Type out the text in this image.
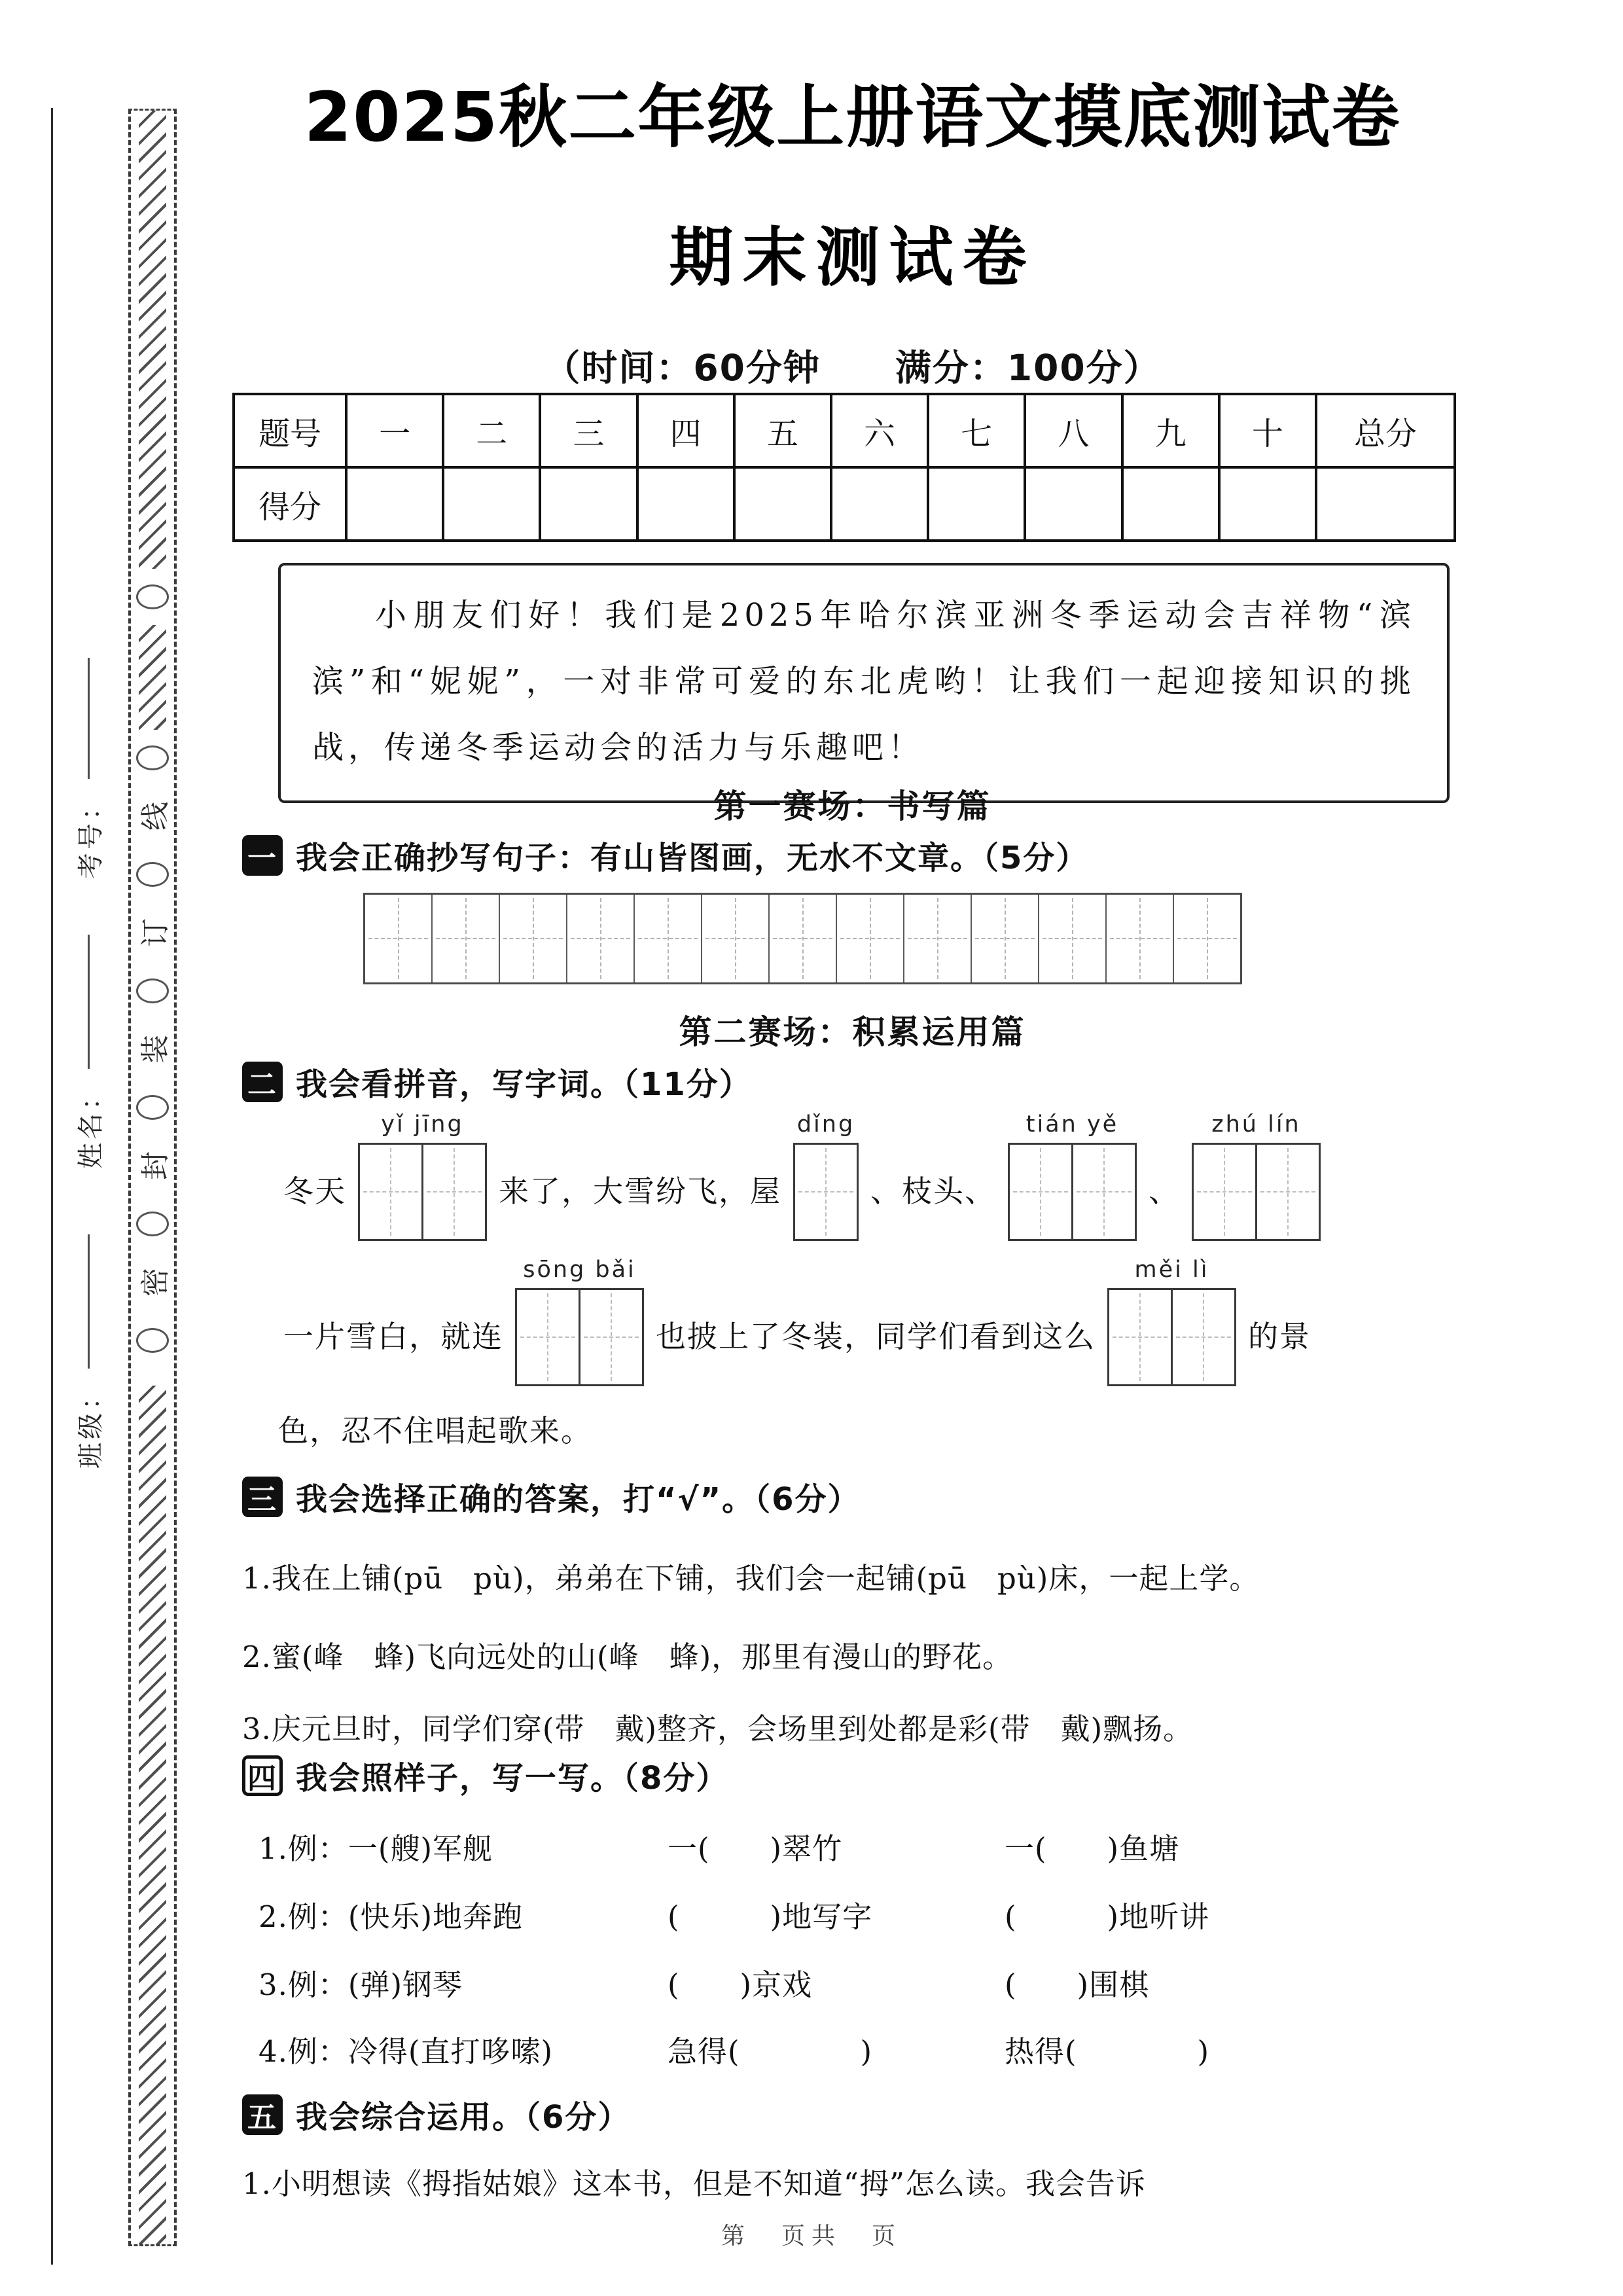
考号：
姓名：
班级：
线
订
装
封
密
2025秋二年级上册语文摸底测试卷
期末测试卷
（时间：60分钟　　满分：100分）
题号	一	二	三	四	五	六	七	八	九	十	总分
得分											

小朋友们好！我们是2025年哈尔滨亚洲冬季运动会吉祥物“滨滨”和“妮妮”，一对非常可爱的东北虎哟！让我们一起迎接知识的挑战，传递冬季运动会的活力与乐趣吧！

第一赛场：书写篇
一 我会正确抄写句子：有山皆图画，无水不文章。（5分）
第二赛场：积累运用篇
二 我会看拼音，写字词。（11分）
冬天
yǐ jīng
来了，大雪纷飞，屋
dǐng
、枝头、
tián yě
、
zhú lín
一片雪白，就连
sōng bǎi
也披上了冬装，同学们看到这么
měi lì
的景
色，忍不住唱起歌来。
三 我会选择正确的答案，打“√”。（6分）
1.我在上铺(pū　pù)，弟弟在下铺，我们会一起铺(pū　pù)床，一起上学。
2.蜜(峰　蜂)飞向远处的山(峰　蜂)，那里有漫山的野花。
3.庆元旦时，同学们穿(带　戴)整齐，会场里到处都是彩(带　戴)飘扬。
四 我会照样子，写一写。（8分）
1.例：一(艘)军舰	一(　　)翠竹	一(　　)鱼塘
2.例：(快乐)地奔跑	(　　　)地写字	(　　　)地听讲
3.例：(弹)钢琴	(　　)京戏	(　　)围棋
4.例：冷得(直打哆嗦)	急得(　　　　)	热得(　　　　)
五 我会综合运用。（6分）
1.小明想读《拇指姑娘》这本书，但是不知道“拇”怎么读。我会告诉
第　页共　页
